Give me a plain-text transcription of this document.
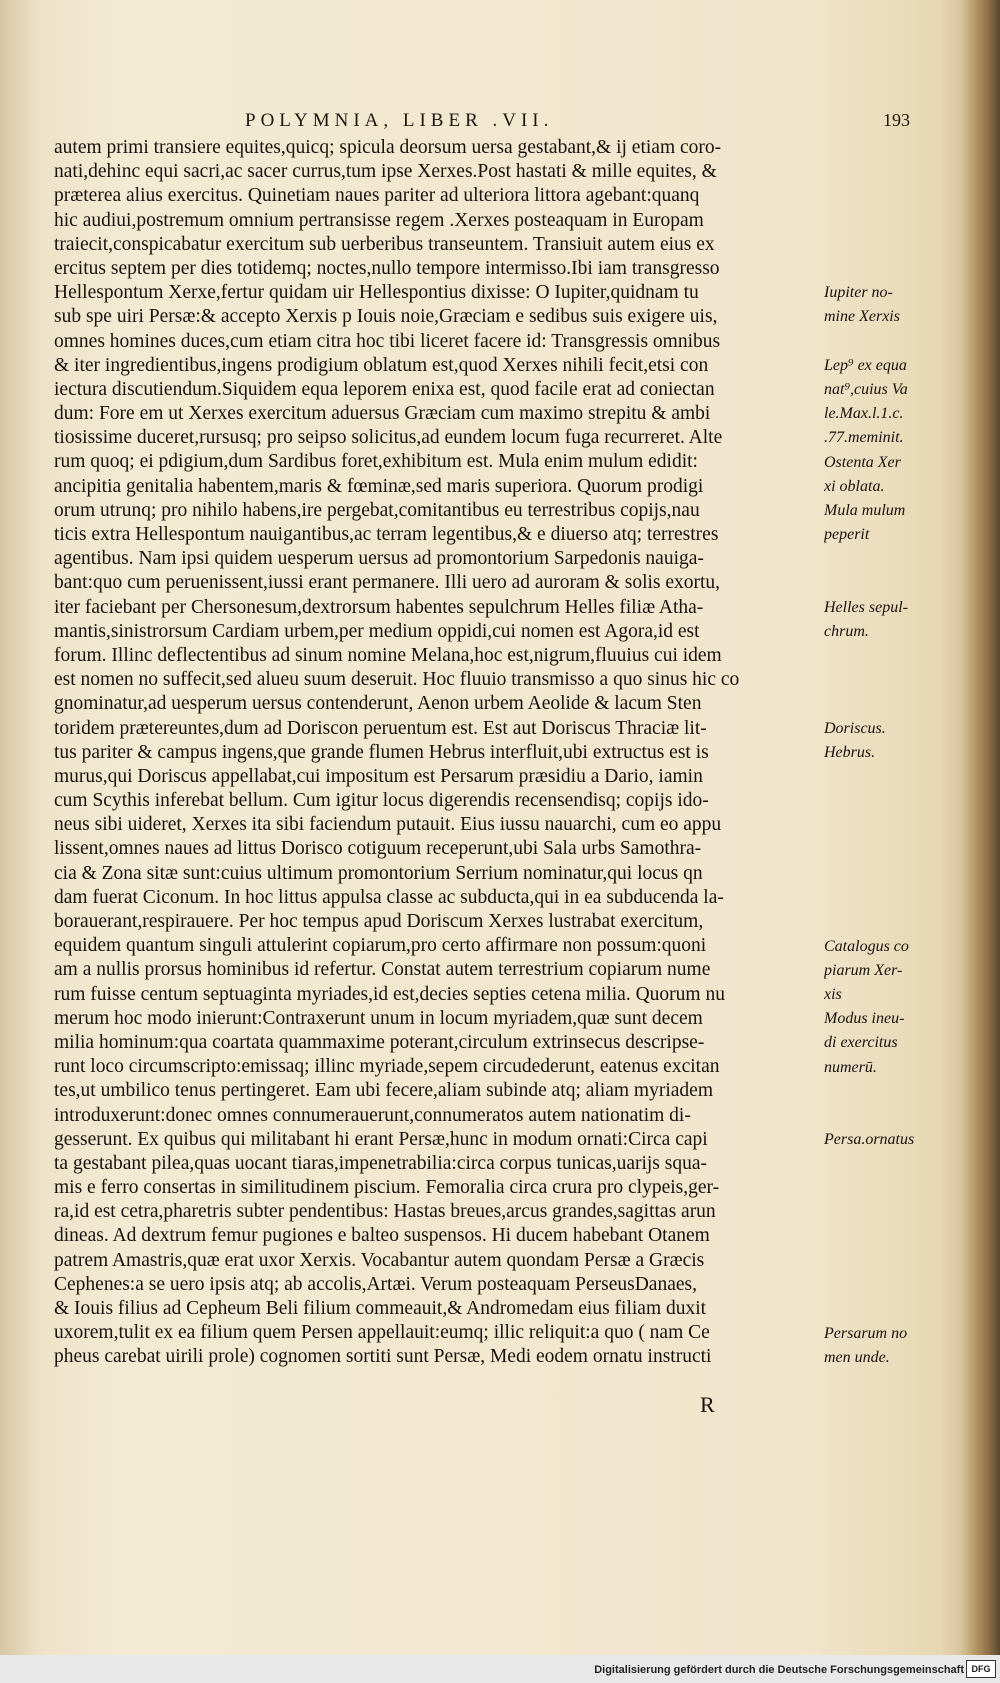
POLYMNIA, LIBER .VII.	193
autem primi transiere equites,quicq; spicula deorsum uersa gestabant,& ij etiam coro-
nati,dehinc equi sacri,ac sacer currus,tum ipse Xerxes.Post hastati & mille equites, &
præterea alius exercitus. Quinetiam naues pariter ad ulteriora littora agebant:quanq
hic audiui,postremum omnium pertransisse regem .Xerxes posteaquam in Europam
traiecit,conspicabatur exercitum sub uerberibus transeuntem. Transiuit autem eius ex
ercitus septem per dies totidemq; noctes,nullo tempore intermisso.Ibi iam transgresso
Hellespontum Xerxe,fertur quidam uir Hellespontius dixisse: O Iupiter,quidnam tu
sub spe uiri Persæ:& accepto Xerxis p Iouis noie,Græciam e sedibus suis exigere uis,
omnes homines duces,cum etiam citra hoc tibi liceret facere id: Transgressis omnibus
& iter ingredientibus,ingens prodigium oblatum est,quod Xerxes nihili fecit,etsi con
iectura discutiendum.Siquidem equa leporem enixa est, quod facile erat ad coniectan
dum: Fore em ut Xerxes exercitum aduersus Græciam cum maximo strepitu & ambi
tiosissime duceret,rursusq; pro seipso solicitus,ad eundem locum fuga recurreret. Alte
rum quoq; ei pdigium,dum Sardibus foret,exhibitum est. Mula enim mulum edidit:
ancipitia genitalia habentem,maris & fœminæ,sed maris superiora. Quorum prodigi
orum utrunq; pro nihilo habens,ire pergebat,comitantibus eu terrestribus copijs,nau
ticis extra Hellespontum nauigantibus,ac terram legentibus,& e diuerso atq; terrestres
agentibus. Nam ipsi quidem uesperum uersus ad promontorium Sarpedonis nauiga-
bant:quo cum peruenissent,iussi erant permanere. Illi uero ad auroram & solis exortu,
iter faciebant per Chersonesum,dextrorsum habentes sepulchrum Helles filiæ Atha-
mantis,sinistrorsum Cardiam urbem,per medium oppidi,cui nomen est Agora,id est
forum. Illinc deflectentibus ad sinum nomine Melana,hoc est,nigrum,fluuius cui idem
est nomen no suffecit,sed alueu suum deseruit. Hoc fluuio transmisso a quo sinus hic co
gnominatur,ad uesperum uersus contenderunt, Aenon urbem Aeolide & lacum Sten
toridem prætereuntes,dum ad Doriscon peruentum est. Est aut Doriscus Thraciæ lit-
tus pariter & campus ingens,que grande flumen Hebrus interfluit,ubi extructus est is
murus,qui Doriscus appellabat,cui impositum est Persarum præsidiu a Dario, iamin
cum Scythis inferebat bellum. Cum igitur locus digerendis recensendisq; copijs ido-
neus sibi uideret, Xerxes ita sibi faciendum putauit. Eius iussu nauarchi, cum eo appu
lissent,omnes naues ad littus Dorisco cotiguum receperunt,ubi Sala urbs Samothra-
cia & Zona sitæ sunt:cuius ultimum promontorium Serrium nominatur,qui locus qn
dam fuerat Ciconum. In hoc littus appulsa classe ac subducta,qui in ea subducenda la-
borauerant,respirauere. Per hoc tempus apud Doriscum Xerxes lustrabat exercitum,
equidem quantum singuli attulerint copiarum,pro certo affirmare non possum:quoni
am a nullis prorsus hominibus id refertur. Constat autem terrestrium copiarum nume
rum fuisse centum septuaginta myriades,id est,decies septies cetena milia. Quorum nu
merum hoc modo inierunt:Contraxerunt unum in locum myriadem,quæ sunt decem
milia hominum:qua coartata quammaxime poterant,circulum extrinsecus descripse-
runt loco circumscripto:emissaq; illinc myriade,sepem circudederunt, eatenus excitan
tes,ut umbilico tenus pertingeret. Eam ubi fecere,aliam subinde atq; aliam myriadem
introduxerunt:donec omnes connumerauerunt,connumeratos autem nationatim di-
gesserunt. Ex quibus qui militabant hi erant Persæ,hunc in modum ornati:Circa capi
ta gestabant pilea,quas uocant tiaras,impenetrabilia:circa corpus tunicas,uarijs squa-
mis e ferro consertas in similitudinem piscium. Femoralia circa crura pro clypeis,ger-
ra,id est cetra,pharetris subter pendentibus: Hastas breues,arcus grandes,sagittas arun
dineas. Ad dextrum femur pugiones e balteo suspensos. Hi ducem habebant Otanem
patrem Amastris,quæ erat uxor Xerxis. Vocabantur autem quondam Persæ a Græcis
Cephenes:a se uero ipsis atq; ab accolis,Artæi. Verum posteaquam PerseusDanaes,
& Iouis filius ad Cepheum Beli filium commeauit,& Andromedam eius filiam duxit
uxorem,tulit ex ea filium quem Persen appellauit:eumq; illic reliquit:a quo ( nam Ce
pheus carebat uirili prole) cognomen sortiti sunt Persæ, Medi eodem ornatu instructi
Iupiter no-
mine Xerxis
Lep⁹ ex equa
nat⁹,cuius Va
le.Max.l.1.c.
.77.meminit.
Ostenta Xer
xi oblata.
Mula mulum
peperit
Helles sepul-
chrum.
Doriscus.
Hebrus.
Catalogus co
piarum Xer-
xis
Modus ineu-
di exercitus
numerū.
Persa.ornatus
Persarum no
men unde.
R
Digitalisierung gefördert durch die Deutsche Forschungsgemeinschaft DFG
